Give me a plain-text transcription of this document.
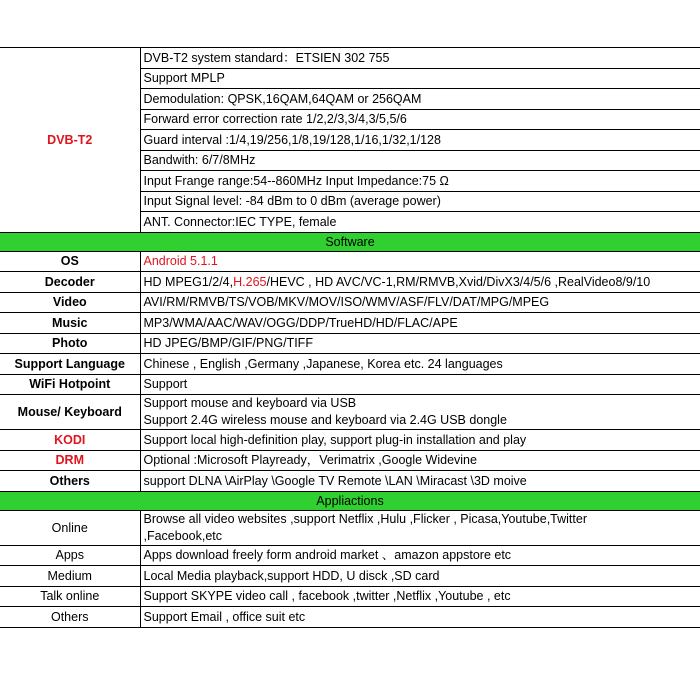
DVB-T2	DVB-T2 system standard：ETSIEN 302 755
	Support MPLP
	Demodulation: QPSK,16QAM,64QAM or 256QAM
	Forward error correction rate 1/2,2/3,3/4,3/5,5/6
	Guard interval :1/4,19/256,1/8,19/128,1/16,1/32,1/128
	Bandwith: 6/7/8MHz
	Input Frange range:54--860MHz Input Impedance:75 Ω
	Input Signal level: -84 dBm to 0 dBm (average power)
	ANT. Connector:IEC TYPE, female
Software	
OS	Android 5.1.1
Decoder	HD MPEG1/2/4,H.265/HEVC , HD AVC/VC-1,RM/RMVB,Xvid/DivX3/4/5/6 ,RealVideo8/9/10
Video	AVI/RM/RMVB/TS/VOB/MKV/MOV/ISO/WMV/ASF/FLV/DAT/MPG/MPEG
Music	MP3/WMA/AAC/WAV/OGG/DDP/TrueHD/HD/FLAC/APE
Photo	HD JPEG/BMP/GIF/PNG/TIFF
Support Language	Chinese , English ,Germany ,Japanese, Korea etc. 24 languages
WiFi Hotpoint	Support
Mouse/ Keyboard	Support mouse and keyboard via USB
Support 2.4G wireless mouse and keyboard via 2.4G USB dongle

KODI	Support local high-definition play, support plug-in installation and play
DRM	Optional :Microsoft Playready，Verimatrix ,Google Widevine
Others	support DLNA \AirPlay \Google TV Remote \LAN \Miracast \3D moive
Appliactions	
Online	Browse all video websites ,support Netflix ,Hulu ,Flicker , Picasa,Youtube,Twitter
,Facebook,etc

Apps	Apps download freely form android market 、amazon appstore etc
Medium	Local Media playback,support HDD, U disck ,SD card
Talk online	Support SKYPE video call , facebook ,twitter ,Netflix ,Youtube , etc
Others	Support Email , office suit etc
